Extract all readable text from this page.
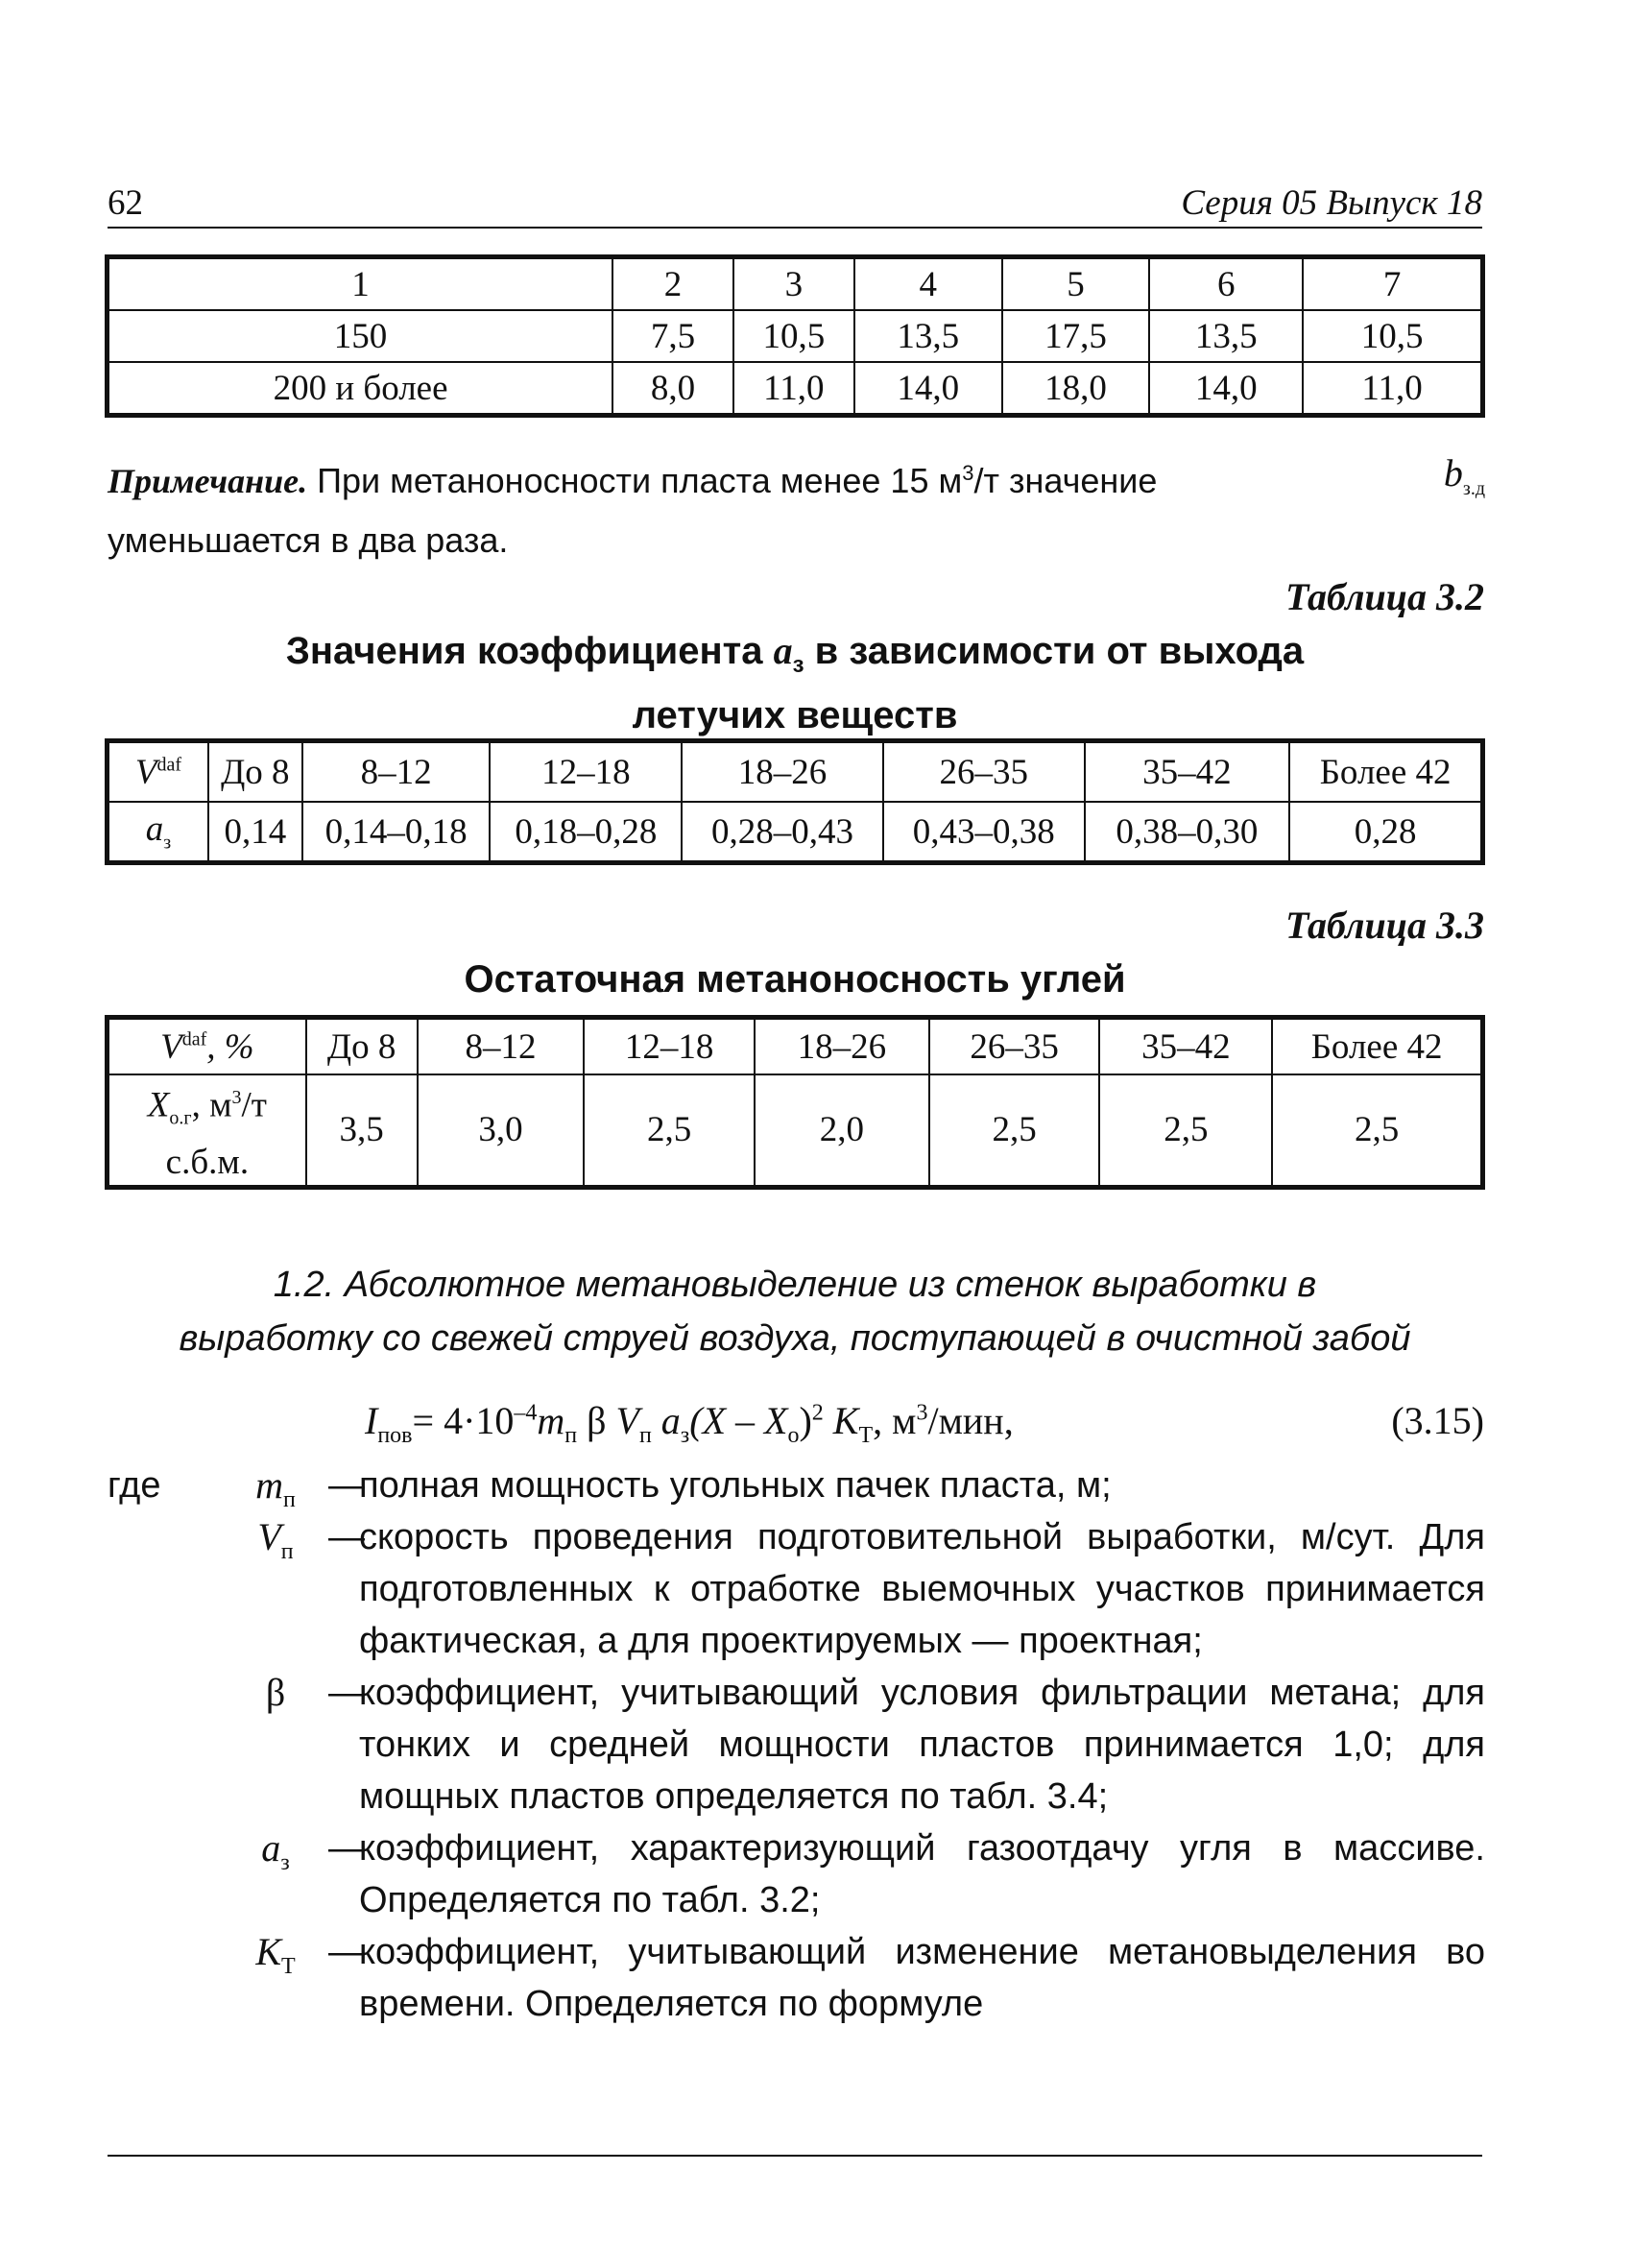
62	Серия 05 Выпуск 18
1	2	3	4	5	6	7
150	7,5	10,5	13,5	17,5	13,5	10,5
200 и более	8,0	11,0	14,0	18,0	14,0	11,0
Примечание. При метаноносности пласта менее 15 $м^3/т$ значение	$b_{з.д}$
уменьшается в два раза.
Таблица 3.2
Значения коэффициента $a_з$ в зависимости от выхода
летучих веществ
$V^{daf}$	До 8	8–12	12–18	18–26	26–35	35–42	Более 42
$a_з$	0,14	0,14–0,18	0,18–0,28	0,28–0,43	0,43–0,38	0,38–0,30	0,28
Таблица 3.3
Остаточная метаноносность углей
$V^{daf}$, %	До 8	8–12	12–18	18–26	26–35	35–42	Более 42
$X_{о.г}$, $м^3/т$
с.б.м.	3,5	3,0	2,5	2,0	2,5	2,5	2,5
1.2. Абсолютное метановыделение из стенок выработки в
выработку со свежей струей воздуха, поступающей в очистной забой
$I_{пов}= 4\cdot 10^{-4}m_п$ β $V_п$ $a_з(X - X_о)^2$ $K_T$, $м^3$/мин,	(3.15)
где	$m_п$ —полная мощность угольных пачек пласта, м;
$V_п$ —скорость проведения подготовительной выработки, м/сут. Для подготовленных к отработке выемочных участков принимается фактическая, а для проектируемых — проектная;
β	—коэффициент, учитывающий условия фильтрации метана; для тонких и средней мощности пластов принимается 1,0; для мощных пластов определяется по табл. 3.4;
$a_з$	—коэффициент, характеризующий газоотдачу угля в массиве. Определяется по табл. 3.2;
$K_T$ —коэффициент, учитывающий изменение метановыделения во времени. Определяется по формуле
